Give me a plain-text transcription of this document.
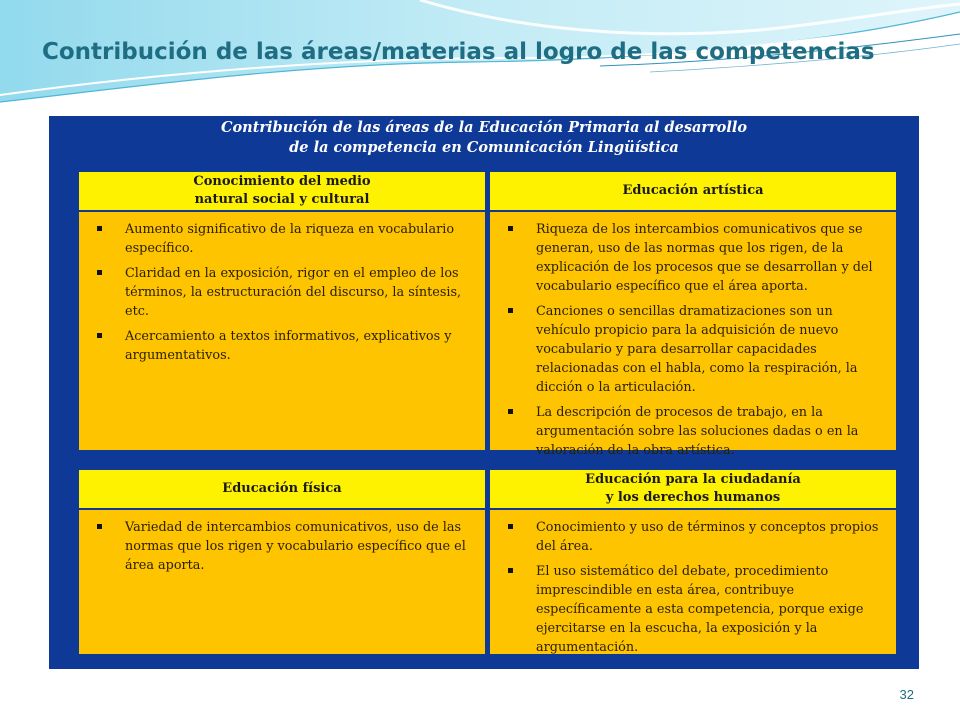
Contribución de las áreas/materias al logro de las competencias
Contribución de las áreas de la Educación Primaria al desarrollo
de la competencia en Comunicación Lingüística
Conocimiento del medio
natural social y cultural
Educación artística
Aumento significativo de la riqueza en vocabulario específico.
Claridad en la exposición, rigor en el empleo de los términos, la estructuración del discurso, la síntesis, etc.
Acercamiento a textos informativos, explicativos y argumentativos.
Riqueza de los intercambios comunicativos que se generan, uso de las normas que los rigen, de la explicación de los procesos que se desarrollan y del vocabulario específico que el área aporta.
Canciones o sencillas dramatizaciones son un vehículo propicio para la adquisición de nuevo vocabulario y para desarrollar capacidades relacionadas con el habla, como la respiración, la dicción o la articulación.
La descripción de procesos de trabajo, en la argumentación sobre las soluciones dadas o en la valoración de la obra artística.
Educación física
Educación para la ciudadanía
y los derechos humanos
Variedad de intercambios comunicativos, uso de las normas que los rigen y vocabulario específico que el área aporta.
Conocimiento y uso de términos y conceptos propios del área.
El uso sistemático del debate, procedimiento imprescindible en esta área, contribuye específicamente a esta competencia, porque exige ejercitarse en la escucha, la exposición y la argumentación.
32
